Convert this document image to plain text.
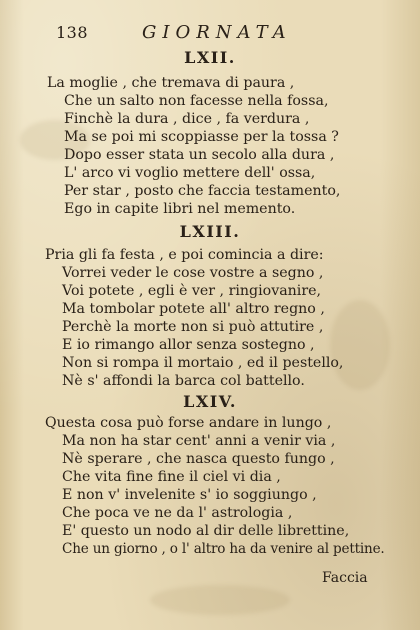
138	GIORNATA
LXII.
La moglie , che tremava di paura ,
Che un salto non facesse nella fossa,
Finchè la dura , dice , fa verdura ,
Ma se poi mi scoppiasse per la tossa ?
Dopo esser stata un secolo alla dura ,
L' arco vi voglio mettere dell' ossa,
Per star , posto che faccia testamento,
Ego in capite libri nel memento.
LXIII.
Pria gli fa festa , e poi comincia a dire:
Vorrei veder le cose vostre a segno ,
Voi potete , egli è ver , ringiovanire,
Ma tombolar potete all' altro regno ,
Perchè la morte non si può attutire ,
E io rimango allor senza sostegno ,
Non si rompa il mortaio , ed il pestello,
Nè s' affondi la barca col battello.
LXIV.
Questa cosa può forse andare in lungo ,
Ma non ha star cent' anni a venir via ,
Nè sperare , che nasca questo fungo ,
Che vita fine fine il ciel vi dia ,
E non v' invelenite s' io soggiungo ,
Che poca ve ne da l' astrologia ,
E' questo un nodo al dir delle librettine,
Che un giorno , o l' altro ha da venire al pettine.
Faccia
